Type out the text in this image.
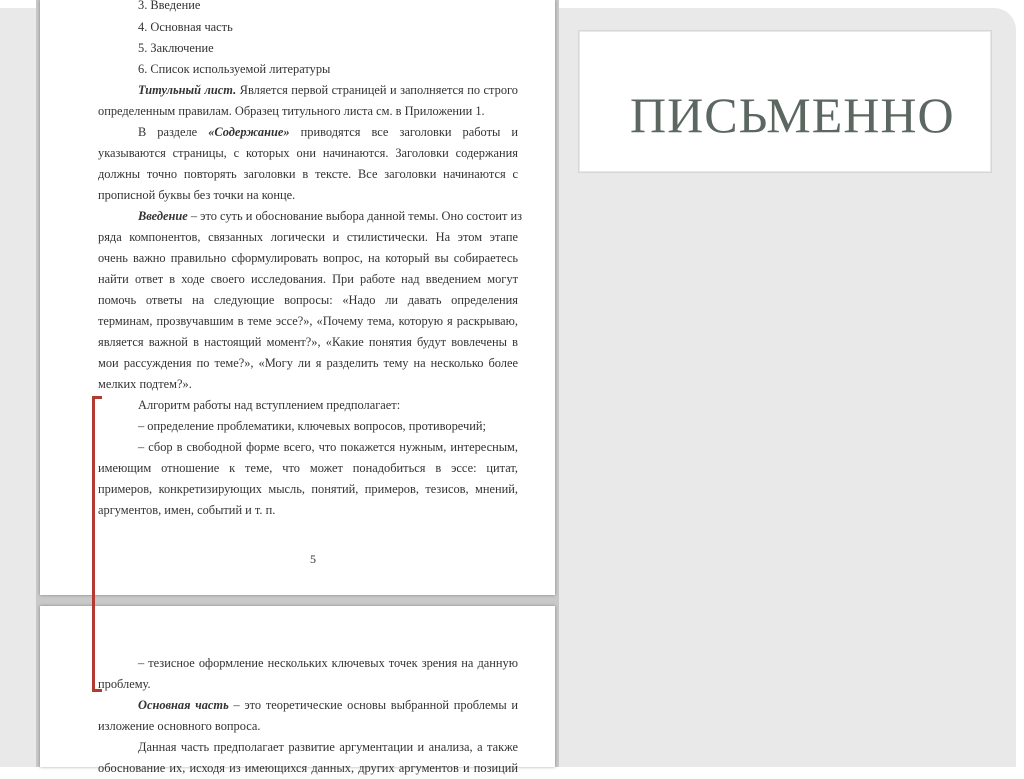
3. Введение
4. Основная часть
5. Заключение
6. Список используемой литературы
Титульный лист. Является первой страницей и заполняется по строго
определенным правилам. Образец титульного листа см. в Приложении 1.
В разделе «Содержание» приводятся все заголовки работы и
указываются страницы, с которых они начинаются. Заголовки содержания
должны точно повторять заголовки в тексте. Все заголовки начинаются с
прописной буквы без точки на конце.
Введение – это суть и обоснование выбора данной темы. Оно состоит из
ряда компонентов, связанных логически и стилистически. На этом этапе
очень важно правильно сформулировать вопрос, на который вы собираетесь
найти ответ в ходе своего исследования. При работе над введением могут
помочь ответы на следующие вопросы: «Надо ли давать определения
терминам, прозвучавшим в теме эссе?», «Почему тема, которую я раскрываю,
является важной в настоящий момент?», «Какие понятия будут вовлечены в
мои рассуждения по теме?», «Могу ли я разделить тему на несколько более
мелких подтем?».
Алгоритм работы над вступлением предполагает:
– определение проблематики, ключевых вопросов, противоречий;
– сбор в свободной форме всего, что покажется нужным, интересным,
имеющим отношение к теме, что может понадобиться в эссе: цитат,
примеров, конкретизирующих мысль, понятий, примеров, тезисов, мнений,
аргументов, имен, событий и т. п.
5
– тезисное оформление нескольких ключевых точек зрения на данную
проблему.
Основная часть – это теоретические основы выбранной проблемы и
изложение основного вопроса.
Данная часть предполагает развитие аргументации и анализа, а также
обоснование их, исходя из имеющихся данных, других аргументов и позиций
ПИСЬМЕННО
